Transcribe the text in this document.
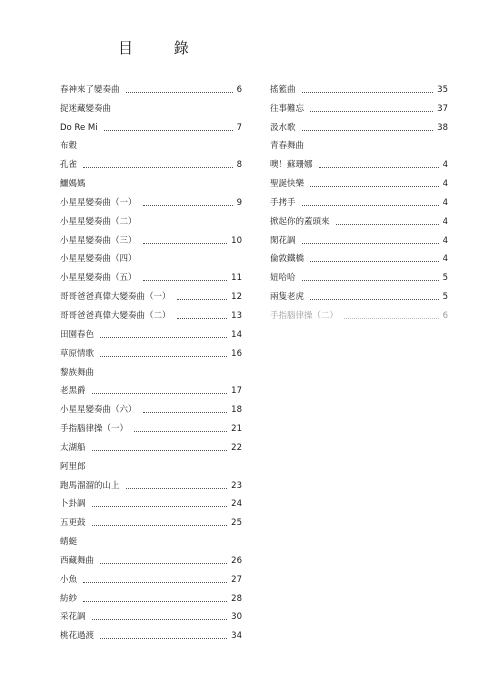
目 錄
春神來了變奏曲	6
捉迷藏變奏曲
Do Re Mi	7
布穀
孔雀	8
鱷媽媽
小星星變奏曲（一）	9
小星星變奏曲（二）
小星星變奏曲（三）	10
小星星變奏曲（四）
小星星變奏曲（五）	11
哥哥爸爸真偉大變奏曲（一）	12
哥哥爸爸真偉大變奏曲（二）	13
田園春色	14
草原情歌	16
黎族舞曲
老黑爵	17
小星星變奏曲（六）	18
手指腦律操（一）	21
太湖船	22
阿里郎
跑馬溜溜的山上	23
卜卦調	24
五更鼓	25
蜻蜓
西藏舞曲	26
小魚	27
紡紗	28
采花調	30
桃花過渡	34
搖籃曲	35
往事難忘	37
汲水歌	38
青春舞曲
噢！蘇珊娜	4
聖誕快樂	4
手拷手	4
掀起你的蓋頭來	4
閑花調	4
倫敦鐵橋	4
妞哈哈	5
兩隻老虎	5
手指腦律操（二）	6
